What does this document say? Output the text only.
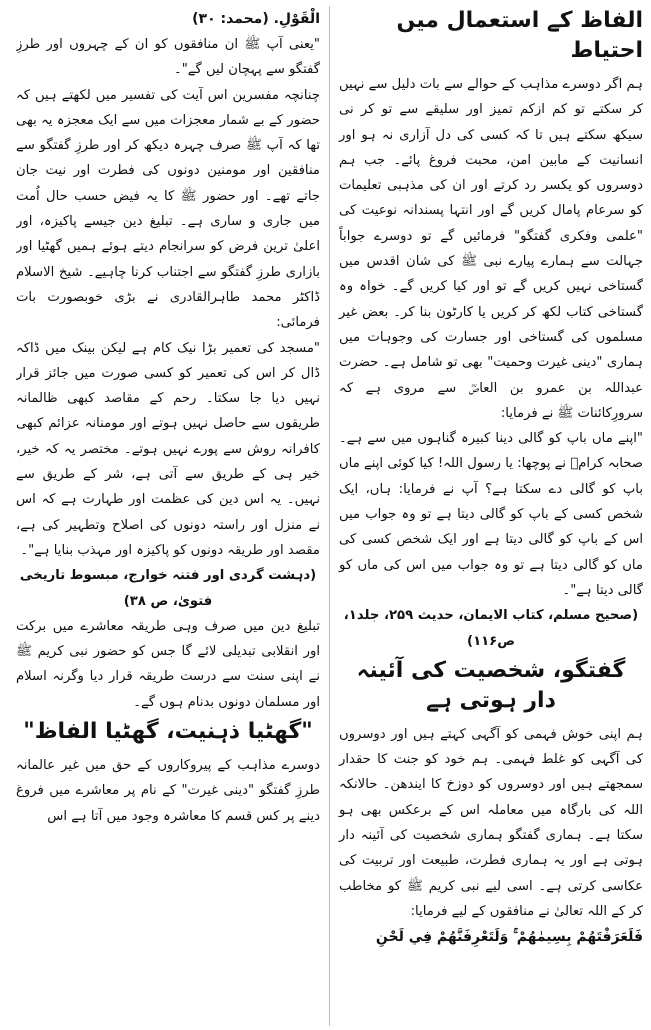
الفاظ کے استعمال میں احتیاط

ہم اگر دوسرے مذاہب کے حوالے سے بات دلیل سے نہیں کر سکتے تو کم ازکم تمیز اور سلیقے سے تو کر نی سیکھ سکتے ہیں تا کہ کسی کی دل آزاری نہ ہو اور انسانیت کے مابین امن، محبت فروغ پائے۔ جب ہم دوسروں کو یکسر رد کرتے اور ان کی مذہبی تعلیمات کو سرعام پامال کریں گے اور انتہا پسندانہ نوعیت کی "علمی وفکری گفتگو" فرمائیں گے تو دوسرے جواباً جہالت سے ہمارے پیارے نبی ﷺ کی شان اقدس میں گستاخی نہیں کریں گے تو اور کیا کریں گے۔ خواہ وہ گستاخی کتاب لکھ کر کریں یا کارٹون بنا کر۔ بعض غیر مسلموں کی گستاخی اور جسارت کی وجوہات میں ہماری "دینی غیرت وحمیت" بھی تو شامل ہے۔ حضرت عبداللہ بن عمرو بن العاصؓ سے مروی ہے کہ سرورِکائنات ﷺ نے فرمایا:

"اپنے ماں باپ کو گالی دینا کبیرہ گناہوں میں سے ہے۔ صحابہ کرامؓ نے پوچھا: یا رسول اللہ! کیا کوئی اپنے ماں باپ کو گالی دے سکتا ہے؟ آپ نے فرمایا: ہاں، ایک شخص کسی کے باپ کو گالی دیتا ہے تو وہ جواب میں اس کے باپ کو گالی دیتا ہے اور ایک شخص کسی کی ماں کو گالی دیتا ہے تو وہ جواب میں اس کی ماں کو گالی دیتا ہے"۔

(صحیح مسلم، کتاب الایمان، حدیث ۲۵۹، جلد۱، ص۱۱۶)

گفتگو، شخصیت کی آئینہ دار ہوتی ہے

ہم اپنی خوش فہمی کو آگہی کہتے ہیں اور دوسروں کی آگہی کو غلط فہمی۔ ہم خود کو جنت کا حقدار سمجھتے ہیں اور دوسروں کو دوزخ کا ایندھن۔ حالانکہ اللہ کی بارگاہ میں معاملہ اس کے برعکس بھی ہو سکتا ہے۔ ہماری گفتگو ہماری شخصیت کی آئینہ دار ہوتی ہے اور یہ ہماری فطرت، طبیعت اور تربیت کی عکاسی کرتی ہے۔ اسی لیے نبی کریم ﷺ کو مخاطب کر کے اللہ تعالیٰ نے منافقوں کے لیے فرمایا:

فَلَعَرَفْتَهُمْ بِسِيمٰهُمْ ۚ وَلَتَعْرِفَنَّهُمْ فِي لَحْنِ

الْقَوْلِ. (محمد: ۳۰)

"یعنی آپ ﷺ ان منافقوں کو ان کے چہروں اور طرزِ گفتگو سے پہچان لیں گے"۔

چنانچہ مفسرین اس آیت کی تفسیر میں لکھتے ہیں کہ حضور کے بے شمار معجزات میں سے ایک معجزہ یہ بھی تھا کہ آپ ﷺ صرف چہرہ دیکھ کر اور طرزِ گفتگو سے منافقین اور مومنین دونوں کی فطرت اور نیت جان جاتے تھے۔ اور حضور ﷺ کا یہ فیض حسب حال اُمت میں جاری و ساری ہے۔ تبلیغ دین جیسے پاکیزہ، اور اعلیٰ ترین فرض کو سرانجام دیتے ہوئے ہمیں گھٹیا اور بازاری طرزِ گفتگو سے اجتناب کرنا چاہیے۔ شیخ الاسلام ڈاکٹر محمد طاہرالقادری نے بڑی خوبصورت بات فرمائی:

"مسجد کی تعمیر بڑا نیک کام ہے لیکن بینک میں ڈاکہ ڈال کر اس کی تعمیر کو کسی صورت میں جائز قرار نہیں دیا جا سکتا۔ رحم کے مقاصد کبھی ظالمانہ طریقوں سے حاصل نہیں ہوتے اور مومنانہ عزائم کبھی کافرانہ روش سے پورے نہیں ہوتے۔ مختصر یہ کہ خیر، خیر ہی کے طریق سے آتی ہے، شر کے طریق سے نہیں۔ یہ اس دین کی عظمت اور طہارت ہے کہ اس نے منزل اور راستہ دونوں کی اصلاح وتطہیر کی ہے، مقصد اور طریقہ دونوں کو پاکیزہ اور مہذب بنایا ہے"۔

(دہشت گردی اور فتنہ خوارج، مبسوط تاریخی فتویٰ، ص ۳۸)

تبلیغ دین میں صرف وہی طریقہ معاشرے میں برکت اور انقلابی تبدیلی لائے گا جس کو حضور نبی کریم ﷺ نے اپنی سنت سے درست طریقہ قرار دیا وگرنہ اسلام اور مسلمان دونوں بدنام ہوں گے۔

"گھٹیا ذہنیت، گھٹیا الفاظ"

دوسرے مذاہب کے پیروکاروں کے حق میں غیر عالمانہ طرزِ گفتگو "دینی غیرت" کے نام پر معاشرے میں فروغ دینے پر کس قسم کا معاشرہ وجود میں آتا ہے اس
